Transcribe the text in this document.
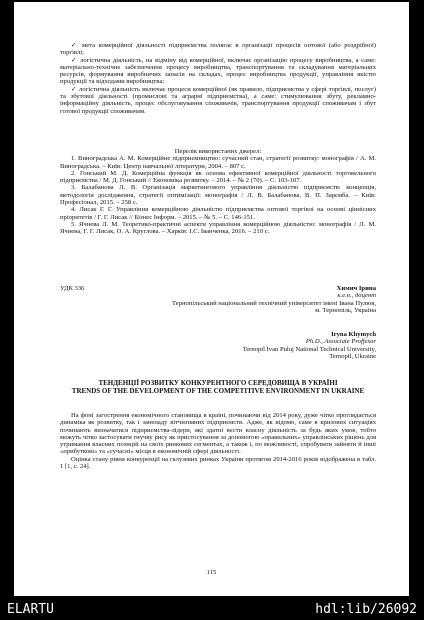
✓ мета комерційної діяльності підприємства полягає в організації процесів оптової (або роздрібної) торгівлі;

✓ логістична діяльність, на відміну від комерційної, включає організацію процесу виробництва, а саме: матеріально-технічне забезпечення процесу виробництва, транспортування та складування матеріальних ресурсів, формування виробничих запасів на складах, процес виробництва продукції, управління якістю продукції та відходами виробництва;

✓ логістична діяльність включає процеси комерційної (як правило, підприємства у сфері торгівлі, послуг) та збутової діяльності (промислові та аграрні підприємства), а саме: стимулювання збуту, рекламно-інформаційну діяльність, процес обслуговування споживачів, транспортування продукції споживачам і збут готової продукції споживачам.

Перелік використаних джерел:

1. Виноградська А. М. Комерційне підприємництво: сучасний стан, стратегії розвитку: монографія / А. М. Виноградська. – Київ: Центр навчальної літератури, 2004. – 807 с.

2. Гонський М. Д. Комерційна функція як основа ефективної комерційної діяльності торговельного підприємства / М. Д. Гонський // Економіка розвитку. – 2014. – № 2 (70). – С. 103-107.

3. Балабанова Л. В. Організація маркетингового управління діяльністю підприємств: концепція, методологія дослідження, стратегії оптимізації: монографія / Л. В. Балабанова, В. П. Зарємба. – Київ: Професіонал, 2015. – 258 с.

4. Лисак Г. Г. Управління комерційною діяльністю підприємства оптової торгівлі на основі ціннісних пріоритетів / Г. Г. Лисак // Бізнес Інформ. – 2015. – № 5. – С. 146-151.

5. Ячнева Л. М. Теоретико-практичні аспекти управління комерційною діяльністю: монографія / Л. М. Ячнева, Г. Г. Лисак, О. А. Круглова. – Харків: І.С. Іванченка, 2016. – 210 с.

УДК 336	Химич Ірина

к.е.н., доцент

Тернопільський національний технічний університет імені Івана Пулюя,

м. Тернопіль, Україна

Iryna Khymych

Ph.D., Associate Proffesor

Ternopil Ivan Puluj National Technical University,

Ternopil, Ukraine

ТЕНДЕНЦІЇ РОЗВИТКУ КОНКУРЕНТНОГО СЕРЕДОВИЩА В УКРАЇНІ

TRENDS OF THE DEVELOPMENT OF THE COMPETITIVE ENVIRONMENT IN UKRAINE

На фоні загострення економічного становища в країні, починаючи від 2014 року, дуже чітко проглядається динаміка як розвитку, так і занепаду вітчизняних підприємств. Адже, як відомо, саме в кризових ситуаціях починають визначатися підприємства-лідери, які здатні вести власну діяльність за будь яких умов, тобто можуть чітко застосувати гнучку рису як пристосування за допомогою «правильних» управлінських рішень для утримання власних позицій на своїх ринкових сегментах, а також і, по можливості, спробувати зайняти й інші «прибуткові» та «сучасні» місця в економічній сфері діяльності.

Оцінка стану рівня конкуренції на галузевих ринках України протягом 2014-2016 років відображена в табл. 1 [1, с. 24].

115
ELARTU	hdl:lib/26092
